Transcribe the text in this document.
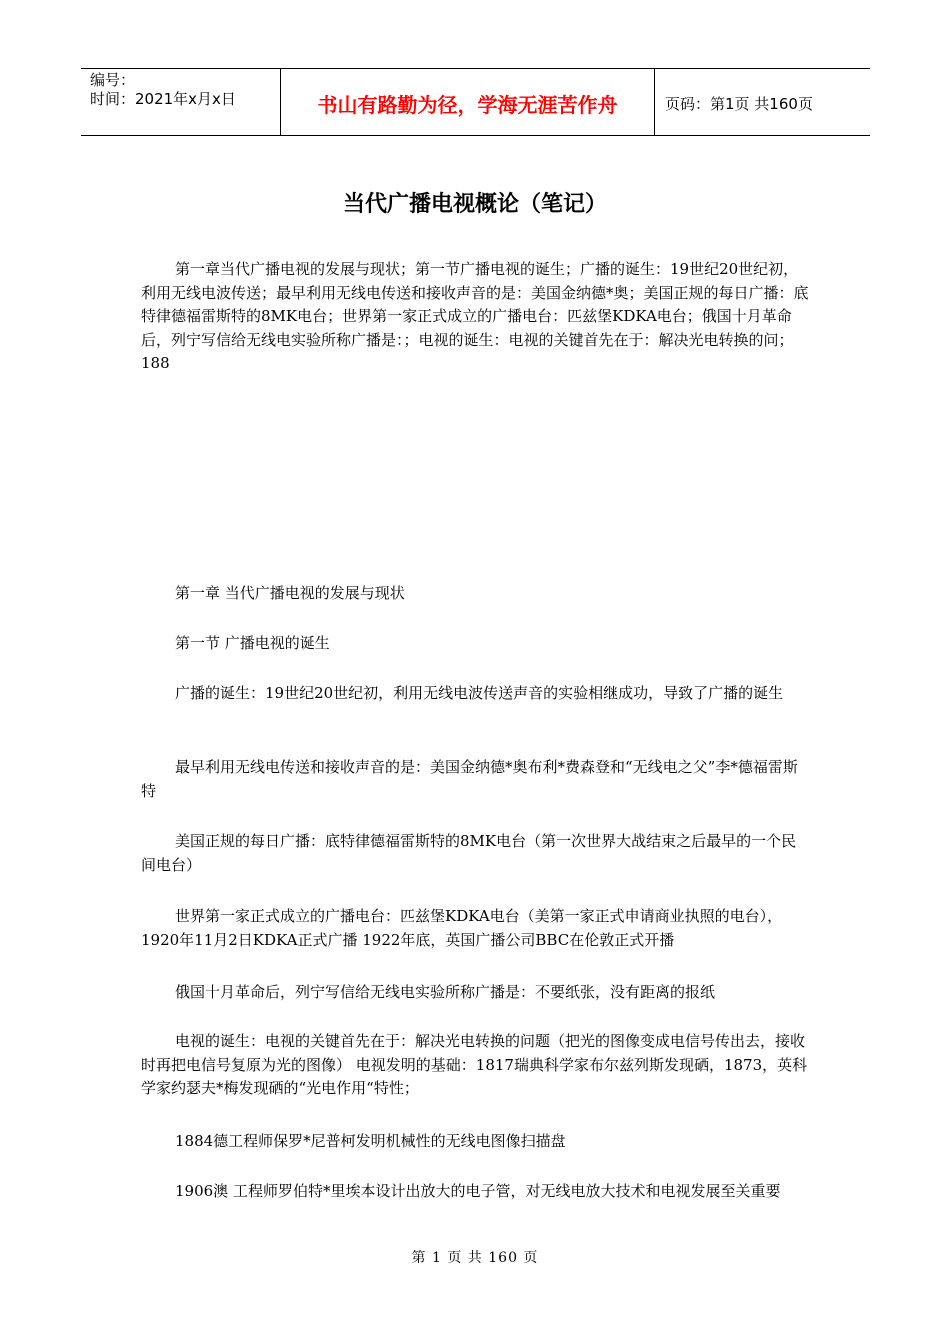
编号：
时间：2021年x月x日	书山有路勤为径，学海无涯苦作舟	页码：第1页 共160页
当代广播电视概论（笔记）

第一章当代广播电视的发展与现状；第一节广播电视的诞生；广播的诞生：19世纪20世纪初，利用无线电波传送；最早利用无线电传送和接收声音的是：美国金纳德*奥；美国正规的每日广播：底特律德福雷斯特的8MK电台；世界第一家正式成立的广播电台：匹兹堡KDKA电台；俄国十月革命后，列宁写信给无线电实验所称广播是：；电视的诞生：电视的关键首先在于：解决光电转换的问；188

第一章 当代广播电视的发展与现状

第一节 广播电视的诞生

广播的诞生：19世纪20世纪初，利用无线电波传送声音的实验相继成功，导致了广播的诞生

最早利用无线电传送和接收声音的是：美国金纳德*奥布利*费森登和“无线电之父”李*德福雷斯特

美国正规的每日广播：底特律德福雷斯特的8MK电台（第一次世界大战结束之后最早的一个民间电台）

世界第一家正式成立的广播电台：匹兹堡KDKA电台（美第一家正式申请商业执照的电台），1920年11月2日KDKA正式广播 1922年底，英国广播公司BBC在伦敦正式开播

俄国十月革命后，列宁写信给无线电实验所称广播是：不要纸张，没有距离的报纸

电视的诞生：电视的关键首先在于：解决光电转换的问题（把光的图像变成电信号传出去，接收时再把电信号复原为光的图像） 电视发明的基础：1817瑞典科学家布尔兹列斯发现硒，1873，英科学家约瑟夫*梅发现硒的“光电作用“特性；

1884德工程师保罗*尼普柯发明机械性的无线电图像扫描盘

1906澳 工程师罗伯特*里埃本设计出放大的电子管，对无线电放大技术和电视发展至关重要

第 1 页 共 160 页
